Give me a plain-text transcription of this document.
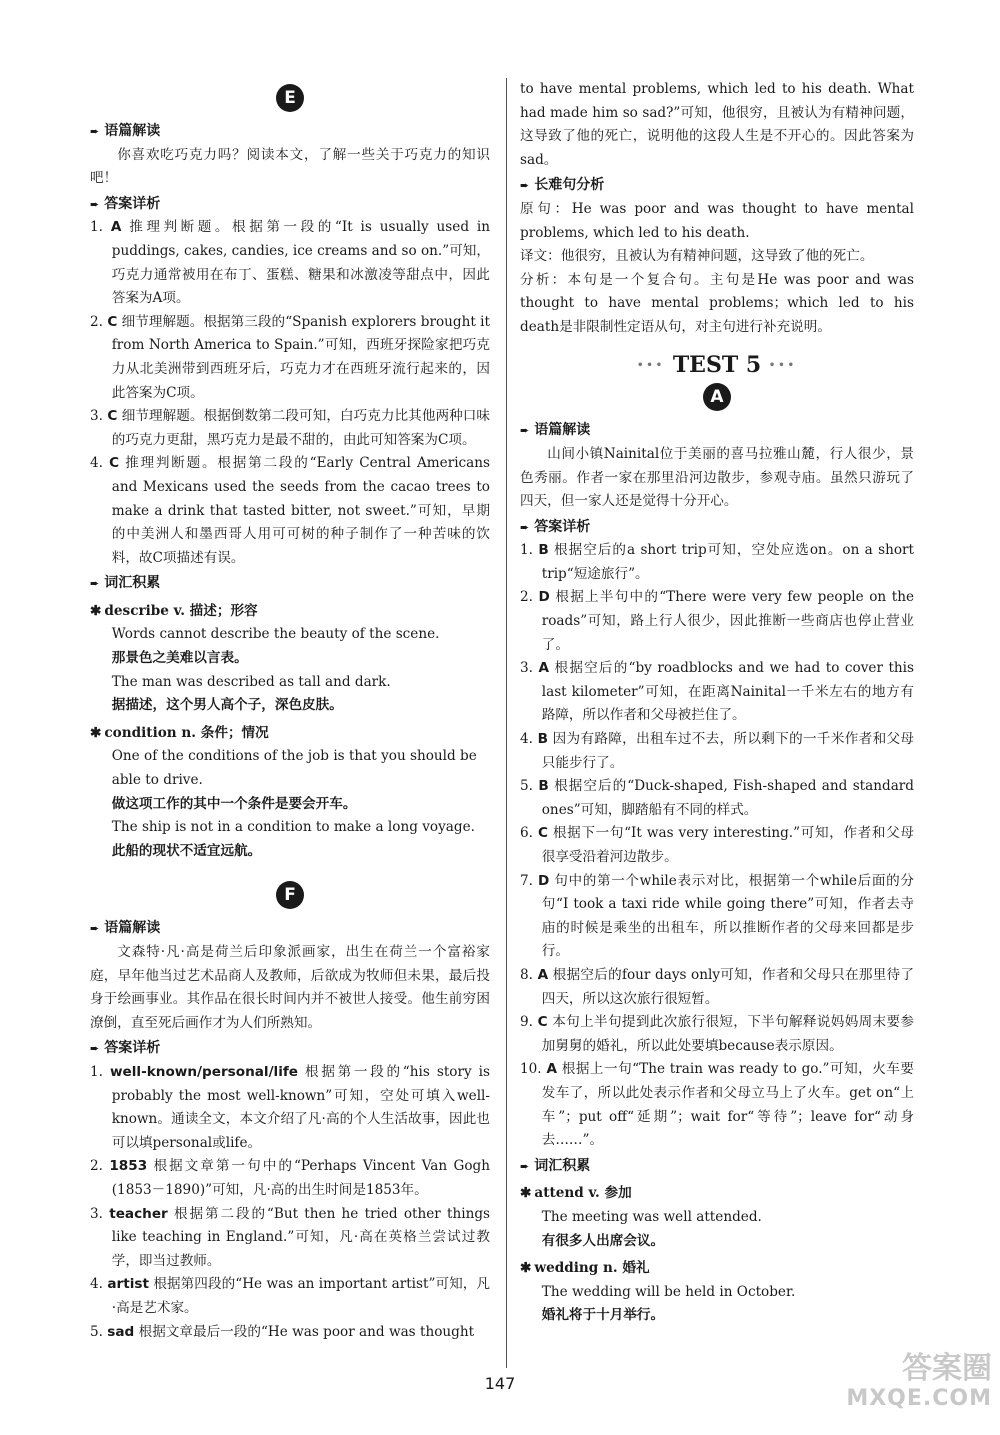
E
➨ 语篇解读
你喜欢吃巧克力吗？阅读本文，了解一些关于巧克力的知识吧！
➨ 答案详析
1. A 推理判断题。根据第一段的“It is usually used in puddings, cakes, candies, ice creams and so on.”可知，巧克力通常被用在布丁、蛋糕、糖果和冰激凌等甜点中，因此答案为A项。
2. C 细节理解题。根据第三段的“Spanish explorers brought it from North America to Spain.”可知，西班牙探险家把巧克力从北美洲带到西班牙后，巧克力才在西班牙流行起来的，因此答案为C项。
3. C 细节理解题。根据倒数第二段可知，白巧克力比其他两种口味的巧克力更甜，黑巧克力是最不甜的，由此可知答案为C项。
4. C 推理判断题。根据第二段的“Early Central Americans and Mexicans used the seeds from the cacao trees to make a drink that tasted bitter, not sweet.”可知，早期的中美洲人和墨西哥人用可可树的种子制作了一种苦味的饮料，故C项描述有误。
➨ 词汇积累
✱ describe v. 描述；形容
Words cannot describe the beauty of the scene.
那景色之美难以言表。
The man was described as tall and dark.
据描述，这个男人高个子，深色皮肤。
✱ condition n. 条件；情况
One of the conditions of the job is that you should be able to drive.
做这项工作的其中一个条件是要会开车。
The ship is not in a condition to make a long voyage.
此船的现状不适宜远航。
F
➨ 语篇解读
文森特·凡·高是荷兰后印象派画家，出生在荷兰一个富裕家庭，早年他当过艺术品商人及教师，后欲成为牧师但未果，最后投身于绘画事业。其作品在很长时间内并不被世人接受。他生前穷困潦倒，直至死后画作才为人们所熟知。
➨ 答案详析
1. well-known/personal/life 根据第一段的“his story is probably the most well-known”可知，空处可填入well-known。通读全文，本文介绍了凡·高的个人生活故事，因此也可以填personal或life。
2. 1853 根据文章第一句中的“Perhaps Vincent Van Gogh (1853－1890)”可知，凡·高的出生时间是1853年。
3. teacher 根据第二段的“But then he tried other things like teaching in England.”可知，凡·高在英格兰尝试过教学，即当过教师。
4. artist 根据第四段的“He was an important artist”可知，凡·高是艺术家。
5. sad 根据文章最后一段的“He was poor and was thought
to have mental problems, which led to his death. What had made him so sad?”可知，他很穷，且被认为有精神问题，这导致了他的死亡，说明他的这段人生是不开心的。因此答案为sad。
➨ 长难句分析
原句：He was poor and was thought to have mental problems, which led to his death.
译文：他很穷，且被认为有精神问题，这导致了他的死亡。
分析：本句是一个复合句。主句是He was poor and was thought to have mental problems；which led to his death是非限制性定语从句，对主句进行补充说明。
••• TEST 5 •••
A
➨ 语篇解读
山间小镇Nainital位于美丽的喜马拉雅山麓，行人很少，景色秀丽。作者一家在那里沿河边散步，参观寺庙。虽然只游玩了四天，但一家人还是觉得十分开心。
➨ 答案详析
1. B 根据空后的a short trip可知，空处应选on。on a short trip“短途旅行”。
2. D 根据上半句中的“There were very few people on the roads”可知，路上行人很少，因此推断一些商店也停止营业了。
3. A 根据空后的“by roadblocks and we had to cover this last kilometer”可知，在距离Nainital一千米左右的地方有路障，所以作者和父母被拦住了。
4. B 因为有路障，出租车过不去，所以剩下的一千米作者和父母只能步行了。
5. B 根据空后的“Duck-shaped, Fish-shaped and standard ones”可知，脚踏船有不同的样式。
6. C 根据下一句“It was very interesting.”可知，作者和父母很享受沿着河边散步。
7. D 句中的第一个while表示对比，根据第一个while后面的分句“I took a taxi ride while going there”可知，作者去寺庙的时候是乘坐的出租车，所以推断作者的父母来回都是步行。
8. A 根据空后的four days only可知，作者和父母只在那里待了四天，所以这次旅行很短暂。
9. C 本句上半句提到此次旅行很短，下半句解释说妈妈周末要参加舅舅的婚礼，所以此处要填because表示原因。
10. A 根据上一句“The train was ready to go.”可知，火车要发车了，所以此处表示作者和父母立马上了火车。get on“上车”；put off“延期”；wait for“等待”；leave for“动身去……”。
➨ 词汇积累
✱ attend v. 参加
The meeting was well attended.
有很多人出席会议。
✱ wedding n. 婚礼
The wedding will be held in October.
婚礼将于十月举行。
147	答案圈
MXQE.COM
